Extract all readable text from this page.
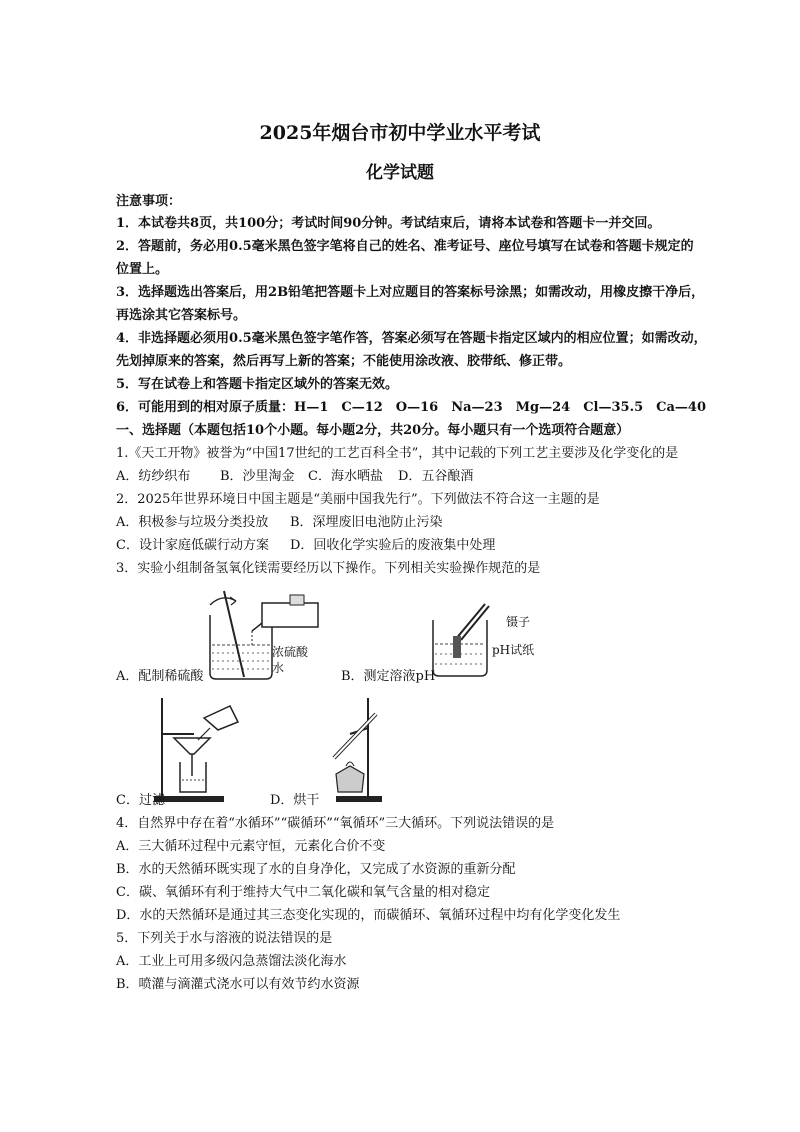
2025年烟台市初中学业水平考试
化学试题
注意事项：
1．本试卷共8页，共100分；考试时间90分钟。考试结束后，请将本试卷和答题卡一并交回。
2．答题前，务必用0.5毫米黑色签字笔将自己的姓名、准考证号、座位号填写在试卷和答题卡规定的
位置上。
3．选择题选出答案后，用2B铅笔把答题卡上对应题目的答案标号涂黑；如需改动，用橡皮擦干净后，
再选涂其它答案标号。
4．非选择题必须用0.5毫米黑色签字笔作答，答案必须写在答题卡指定区域内的相应位置；如需改动，
先划掉原来的答案，然后再写上新的答案；不能使用涂改液、胶带纸、修正带。
5．写在试卷上和答题卡指定区域外的答案无效。
6．可能用到的相对原子质量：H—1　C—12　O—16　Na—23　Mg—24　Cl—35.5　Ca—40
一、选择题（本题包括10个小题。每小题2分，共20分。每小题只有一个选项符合题意）
1.《天工开物》被誉为“中国17世纪的工艺百科全书”，其中记载的下列工艺主要涉及化学变化的是
A．纺纱织布 B．沙里淘金 C．海水晒盐 D．五谷酿酒
2．2025年世界环境日中国主题是“美丽中国我先行”。下列做法不符合这一主题的是
A．积极参与垃圾分类投放 B．深埋废旧电池防止污染
C．设计家庭低碳行动方案 D．回收化学实验后的废液集中处理
3．实验小组制备氢氧化镁需要经历以下操作。下列相关实验操作规范的是
浓硫酸
水
A．配制稀硫酸
镊子
pH试纸
B．测定溶液pH
C．过滤	D．烘干
4．自然界中存在着“水循环”“碳循环”“氧循环”三大循环。下列说法错误的是
A．三大循环过程中元素守恒，元素化合价不变
B．水的天然循环既实现了水的自身净化，又完成了水资源的重新分配
C．碳、氧循环有利于维持大气中二氧化碳和氧气含量的相对稳定
D．水的天然循环是通过其三态变化实现的，而碳循环、氧循环过程中均有化学变化发生
5．下列关于水与溶液的说法错误的是
A．工业上可用多级闪急蒸馏法淡化海水
B．喷灌与滴灌式浇水可以有效节约水资源
